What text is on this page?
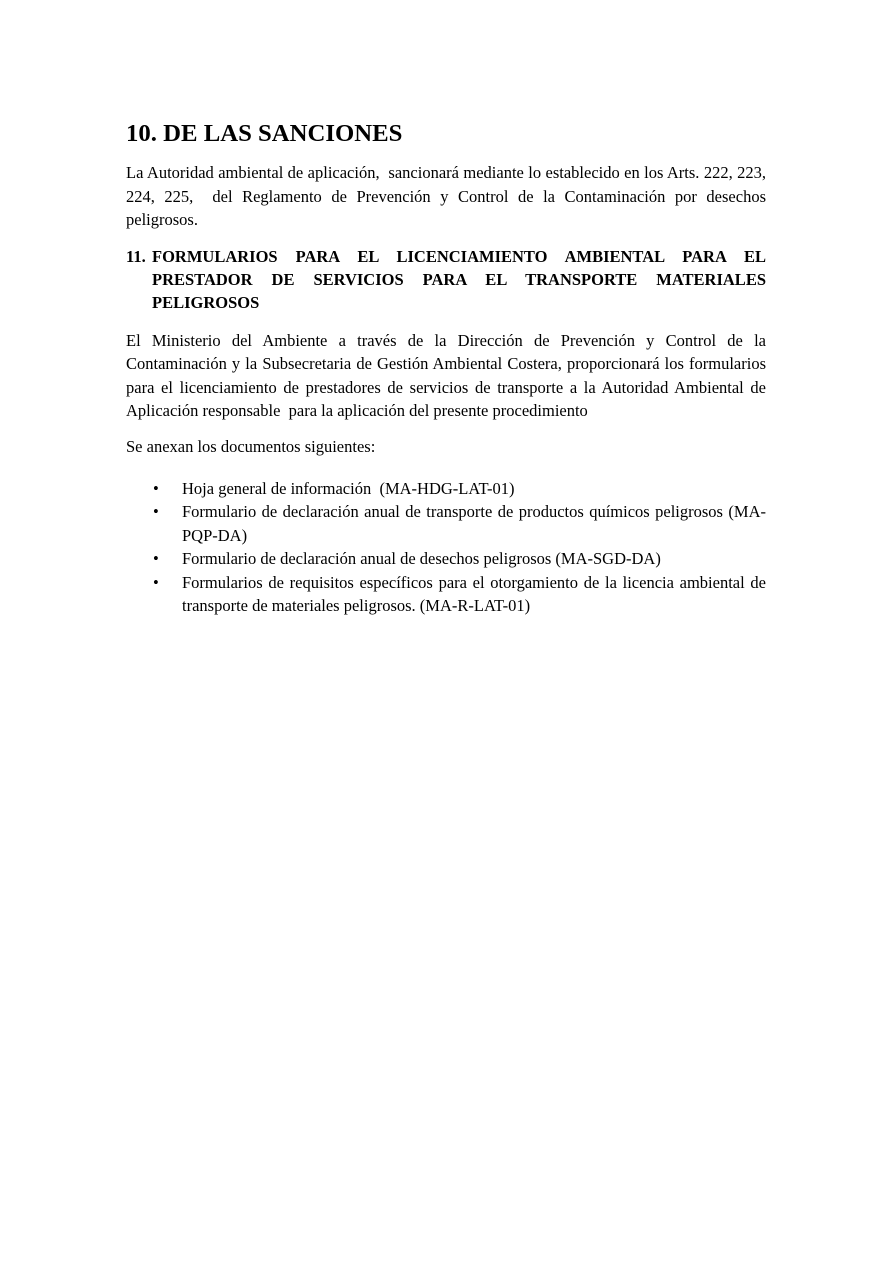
10. DE LAS SANCIONES

La Autoridad ambiental de aplicación,  sancionará mediante lo establecido en los Arts. 222, 223, 224, 225,  del Reglamento de Prevención y Control de la Contaminación por desechos peligrosos.

11. FORMULARIOS PARA EL LICENCIAMIENTO AMBIENTAL PARA EL PRESTADOR DE SERVICIOS PARA EL TRANSPORTE MATERIALES PELIGROSOS

El Ministerio del Ambiente a través de la Dirección de Prevención y Control de la Contaminación y la Subsecretaria de Gestión Ambiental Costera, proporcionará los formularios para el licenciamiento de prestadores de servicios de transporte a la Autoridad Ambiental de Aplicación responsable  para la aplicación del presente procedimiento

Se anexan los documentos siguientes:

• Hoja general de información  (MA-HDG-LAT-01)
• Formulario de declaración anual de transporte de productos químicos peligrosos (MA-PQP-DA)
• Formulario de declaración anual de desechos peligrosos (MA-SGD-DA)
• Formularios de requisitos específicos para el otorgamiento de la licencia ambiental de transporte de materiales peligrosos. (MA-R-LAT-01)
